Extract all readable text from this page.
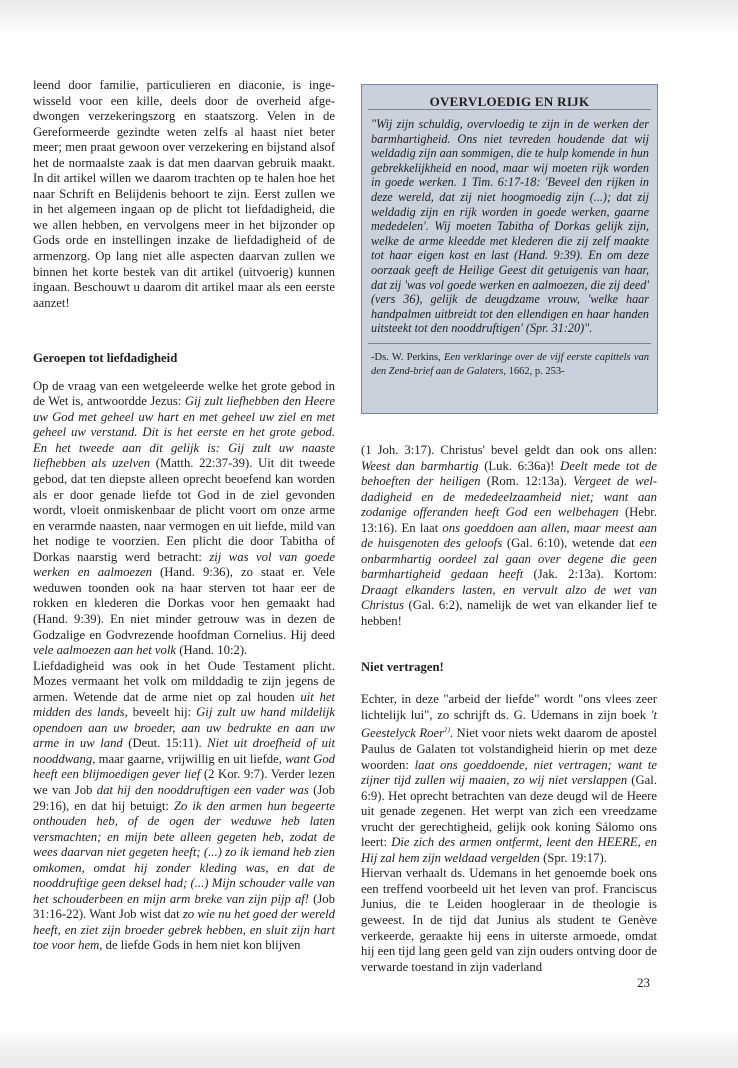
leend door familie, particulieren en diaconie, is ingewisseld voor een kille, deels door de overheid afgedwongen verzekeringszorg en staatszorg. Velen in de Gereformeerde gezindte weten zelfs al haast niet beter meer; men praat gewoon over verzekering en bijstand alsof het de normaalste zaak is dat men daarvan gebruik maakt. In dit artikel willen we daarom trachten op te halen hoe het naar Schrift en Belijdenis behoort te zijn. Eerst zullen we in het algemeen ingaan op de plicht tot liefdadigheid, die we allen hebben, en vervolgens meer in het bijzonder op Gods orde en instellingen inzake de liefdadigheid of de armenzorg. Op lang niet alle aspecten daarvan zullen we binnen het korte bestek van dit artikel (uitvoerig) kunnen ingaan. Beschouwt u daarom dit artikel maar als een eerste aanzet!

Geroepen tot liefdadigheid

Op de vraag van een wetgeleerde welke het grote gebod in de Wet is, antwoordde Jezus: Gij zult liefhebben den Heere uw God met geheel uw hart en met geheel uw ziel en met geheel uw verstand. Dit is het eerste en het grote gebod. En het tweede aan dit gelijk is: Gij zult uw naaste liefhebben als uzelven (Matth. 22:37-39). Uit dit tweede gebod, dat ten diepste alleen oprecht beoefend kan worden als er door genade liefde tot God in de ziel gevonden wordt, vloeit onmiskenbaar de plicht voort om onze arme en verarmde naasten, naar vermogen en uit liefde, mild van het nodige te voorzien. Een plicht die door Tabitha of Dorkas naarstig werd betracht: zij was vol van goede werken en aalmoezen (Hand. 9:36), zo staat er. Vele weduwen toonden ook na haar sterven tot haar eer de rokken en klederen die Dorkas voor hen gemaakt had (Hand. 9:39). En niet minder getrouw was in dezen de Godzalige en Godvrezende hoofdman Cornelius. Hij deed vele aalmoezen aan het volk (Hand. 10:2).

Liefdadigheid was ook in het Oude Testament plicht. Mozes vermaant het volk om milddadig te zijn jegens de armen. Wetende dat de arme niet op zal houden uit het midden des lands, beveelt hij: Gij zult uw hand mildelijk opendoen aan uw broeder, aan uw bedrukte en aan uw arme in uw land (Deut. 15:11). Niet uit droefheid of uit nooddwang, maar gaarne, vrijwillig en uit liefde, want God heeft een blijmoedigen gever lief (2 Kor. 9:7). Verder lezen we van Job dat hij den nooddruftigen een vader was (Job 29:16), en dat hij betuigt: Zo ik den armen hun begeerte onthouden heb, of de ogen der weduwe heb laten versmachten; en mijn bete alleen gegeten heb, zodat de wees daarvan niet gegeten heeft; (...) zo ik iemand heb zien omkomen, omdat hij zonder kleding was, en dat de nooddruftige geen deksel had; (...) Mijn schouder valle van het schouderbeen en mijn arm breke van zijn pijp af! (Job 31:16-22). Want Job wist dat zo wie nu het goed der wereld heeft, en ziet zijn broeder gebrek hebben, en sluit zijn hart toe voor hem, de liefde Gods in hem niet kon blijven

OVERVLOEDIG EN RIJK
"Wij zijn schuldig, overvloedig te zijn in de werken der barmhartigheid. Ons niet tevreden houdende dat wij weldadig zijn aan sommigen, die te hulp komende in hun gebrekkelijkheid en nood, maar wij moeten rijk worden in goede werken. 1 Tim. 6:17-18: 'Beveel den rijken in deze wereld, dat zij niet hoogmoedig zijn (...); dat zij weldadig zijn en rijk worden in goede werken, gaarne mededelen'. Wij moeten Tabitha of Dorkas gelijk zijn, welke de arme kleedde met klederen die zij zelf maakte tot haar eigen kost en last (Hand. 9:39). En om deze oorzaak geeft de Heilige Geest dit getuigenis van haar, dat zij 'was vol goede werken en aalmoezen, die zij deed' (vers 36), gelijk de deugdzame vrouw, 'welke haar handpalmen uitbreidt tot den ellendigen en haar handen uitsteekt tot den nooddruftigen' (Spr. 31:20)".
-Ds. W. Perkins, Een verklaringe over de vijf eerste capittels van den Zend-brief aan de Galaters, 1662, p. 253-

(1 Joh. 3:17). Christus' bevel geldt dan ook ons allen: Weest dan barmhartig (Luk. 6:36a)! Deelt mede tot de behoeften der heiligen (Rom. 12:13a). Vergeet de weldadigheid en de mededeelzaamheid niet; want aan zodanige offeranden heeft God een welbehagen (Hebr. 13:16). En laat ons goeddoen aan allen, maar meest aan de huisgenoten des geloofs (Gal. 6:10), wetende dat een onbarmhartig oordeel zal gaan over degene die geen barmhartigheid gedaan heeft (Jak. 2:13a). Kortom: Draagt elkanders lasten, en vervult alzo de wet van Christus (Gal. 6:2), namelijk de wet van elkander lief te hebben!

Niet vertragen!

Echter, in deze "arbeid der liefde" wordt "ons vlees zeer lichtelijk lui", zo schrijft ds. G. Udemans in zijn boek 't Geestelyck Roer$^{1)}$. Niet voor niets wekt daarom de apostel Paulus de Galaten tot volstandigheid hierin op met deze woorden: laat ons goeddoende, niet vertragen; want te zijner tijd zullen wij maaien, zo wij niet verslappen (Gal. 6:9). Het oprecht betrachten van deze deugd wil de Heere uit genade zegenen. Het werpt van zich een vreedzame vrucht der gerechtigheid, gelijk ook koning Sálomo ons leert: Die zich des armen ontfermt, leent den HEERE, en Hij zal hem zijn weldaad vergelden (Spr. 19:17).

Hiervan verhaalt ds. Udemans in het genoemde boek ons een treffend voorbeeld uit het leven van prof. Franciscus Junius, die te Leiden hoogleraar in de theologie is geweest. In de tijd dat Junius als student te Genève verkeerde, geraakte hij eens in uiterste armoede, omdat hij een tijd lang geen geld van zijn ouders ontving door de verwarde toestand in zijn vaderland

23
